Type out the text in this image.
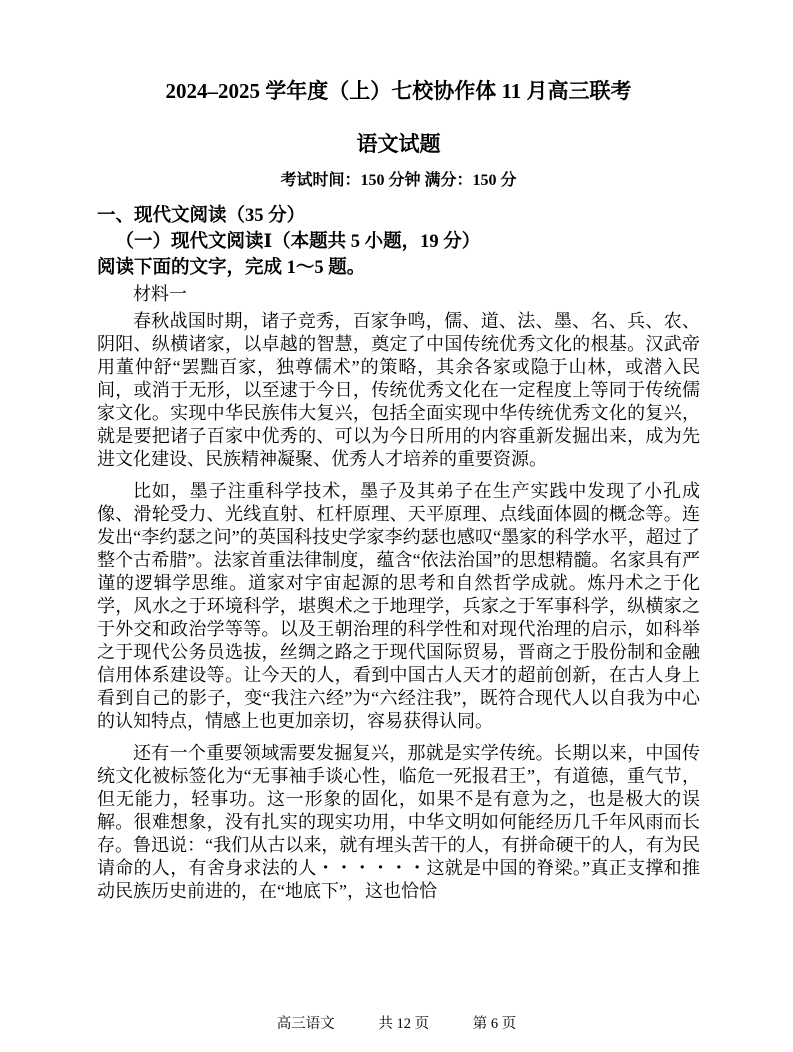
2024–2025 学年度（上）七校协作体 11 月高三联考
语文试题
考试时间：150 分钟 满分：150 分
一、现代文阅读（35 分）
（一）现代文阅读Ⅰ（本题共 5 小题，19 分）
阅读下面的文字，完成 1～5 题。
材料一

春秋战国时期，诸子竞秀，百家争鸣，儒、道、法、墨、名、兵、农、阴阳、纵横诸家，以卓越的智慧，奠定了中国传统优秀文化的根基。汉武帝用董仲舒“罢黜百家，独尊儒术”的策略，其余各家或隐于山林，或潜入民间，或消于无形，以至逮于今日，传统优秀文化在一定程度上等同于传统儒家文化。实现中华民族伟大复兴，包括全面实现中华传统优秀文化的复兴，就是要把诸子百家中优秀的、可以为今日所用的内容重新发掘出来，成为先进文化建设、民族精神凝聚、优秀人才培养的重要资源。

比如，墨子注重科学技术，墨子及其弟子在生产实践中发现了小孔成像、滑轮受力、光线直射、杠杆原理、天平原理、点线面体圆的概念等。连发出“李约瑟之问”的英国科技史学家李约瑟也感叹“墨家的科学水平，超过了整个古希腊”。法家首重法律制度，蕴含“依法治国”的思想精髓。名家具有严谨的逻辑学思维。道家对宇宙起源的思考和自然哲学成就。炼丹术之于化学，风水之于环境科学，堪舆术之于地理学，兵家之于军事科学，纵横家之于外交和政治学等等。以及王朝治理的科学性和对现代治理的启示，如科举之于现代公务员选拔，丝绸之路之于现代国际贸易，晋商之于股份制和金融信用体系建设等。让今天的人，看到中国古人天才的超前创新，在古人身上看到自己的影子，变“我注六经”为“六经注我”，既符合现代人以自我为中心的认知特点，情感上也更加亲切，容易获得认同。

还有一个重要领域需要发掘复兴，那就是实学传统。长期以来，中国传统文化被标签化为“无事袖手谈心性，临危一死报君王”，有道德，重气节，但无能力，轻事功。这一形象的固化，如果不是有意为之，也是极大的误解。很难想象，没有扎实的现实功用，中华文明如何能经历几千年风雨而长存。鲁迅说：“我们从古以来，就有埋头苦干的人，有拼命硬干的人，有为民请命的人，有舍身求法的人・・・・・・这就是中国的脊梁。”真正支撑和推动民族历史前进的，在“地底下”，这也恰恰

高三语文	共 12 页	第 6 页
